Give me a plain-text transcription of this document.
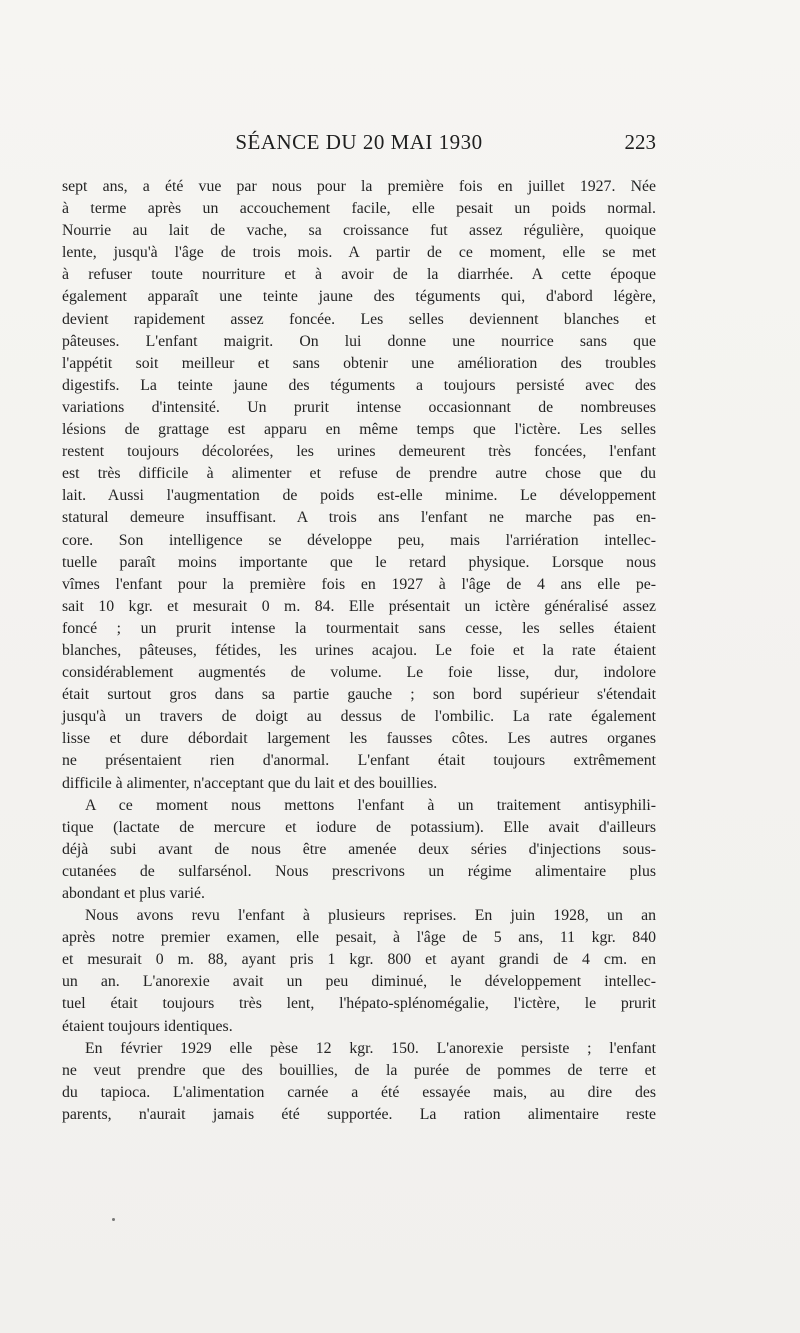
SÉANCE DU 20 MAI 1930	223
sept ans, a été vue par nous pour la première fois en juillet 1927. Née
à terme après un accouchement facile, elle pesait un poids normal.
Nourrie au lait de vache, sa croissance fut assez régulière, quoique
lente, jusqu'à l'âge de trois mois. A partir de ce moment, elle se met
à refuser toute nourriture et à avoir de la diarrhée. A cette époque
également apparaît une teinte jaune des téguments qui, d'abord légère,
devient rapidement assez foncée. Les selles deviennent blanches et
pâteuses. L'enfant maigrit. On lui donne une nourrice sans que
l'appétit soit meilleur et sans obtenir une amélioration des troubles
digestifs. La teinte jaune des téguments a toujours persisté avec des
variations d'intensité. Un prurit intense occasionnant de nombreuses
lésions de grattage est apparu en même temps que l'ictère. Les selles
restent toujours décolorées, les urines demeurent très foncées, l'enfant
est très difficile à alimenter et refuse de prendre autre chose que du
lait. Aussi l'augmentation de poids est-elle minime. Le développement
statural demeure insuffisant. A trois ans l'enfant ne marche pas en-
core. Son intelligence se développe peu, mais l'arriération intellec-
tuelle paraît moins importante que le retard physique. Lorsque nous
vîmes l'enfant pour la première fois en 1927 à l'âge de 4 ans elle pe-
sait 10 kgr. et mesurait 0 m. 84. Elle présentait un ictère généralisé assez
foncé ; un prurit intense la tourmentait sans cesse, les selles étaient
blanches, pâteuses, fétides, les urines acajou. Le foie et la rate étaient
considérablement augmentés de volume. Le foie lisse, dur, indolore
était surtout gros dans sa partie gauche ; son bord supérieur s'étendait
jusqu'à un travers de doigt au dessus de l'ombilic. La rate également
lisse et dure débordait largement les fausses côtes. Les autres organes
ne présentaient rien d'anormal. L'enfant était toujours extrêmement
difficile à alimenter, n'acceptant que du lait et des bouillies.
A ce moment nous mettons l'enfant à un traitement antisyphili-
tique (lactate de mercure et iodure de potassium). Elle avait d'ailleurs
déjà subi avant de nous être amenée deux séries d'injections sous-
cutanées de sulfarsénol. Nous prescrivons un régime alimentaire plus
abondant et plus varié.
Nous avons revu l'enfant à plusieurs reprises. En juin 1928, un an
après notre premier examen, elle pesait, à l'âge de 5 ans, 11 kgr. 840
et mesurait 0 m. 88, ayant pris 1 kgr. 800 et ayant grandi de 4 cm. en
un an. L'anorexie avait un peu diminué, le développement intellec-
tuel était toujours très lent, l'hépato-splénomégalie, l'ictère, le prurit
étaient toujours identiques.
En février 1929 elle pèse 12 kgr. 150. L'anorexie persiste ; l'enfant
ne veut prendre que des bouillies, de la purée de pommes de terre et
du tapioca. L'alimentation carnée a été essayée mais, au dire des
parents, n'aurait jamais été supportée. La ration alimentaire reste
